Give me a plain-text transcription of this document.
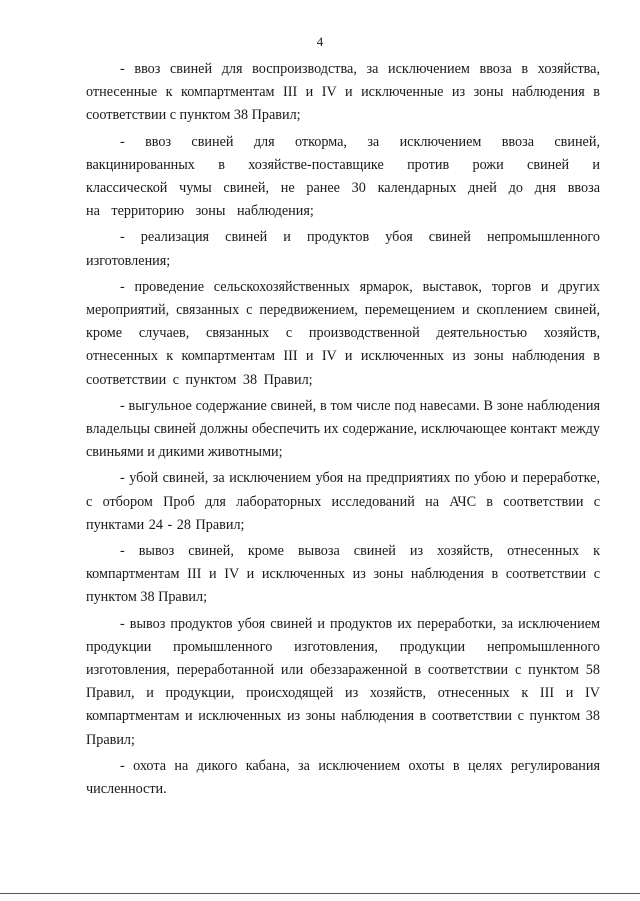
4

- ввоз свиней для воспроизводства, за исключением ввоза в хозяйства, отнесенные к компартментам III и IV и исключенные из зоны наблюдения в соответствии с пунктом 38 Правил;

- ввоз свиней для откорма, за исключением ввоза свиней, вакцинированных в хозяйстве-поставщике против рожи свиней и классической чумы свиней, не ранее 30 календарных дней до дня ввоза на территорию зоны наблюдения;

- реализация свиней и продуктов убоя свиней непромышленного изготовления;

- проведение сельскохозяйственных ярмарок, выставок, торгов и других мероприятий, связанных с передвижением, перемещением и скоплением свиней, кроме случаев, связанных с производственной деятельностью хозяйств, отнесенных к компартментам III и IV и исключенных из зоны наблюдения в соответствии с пунктом 38 Правил;

- выгульное содержание свиней, в том числе под навесами. В зоне наблюдения владельцы свиней должны обеспечить их содержание, исключающее контакт между свиньями и дикими животными;

- убой свиней, за исключением убоя на предприятиях по убою и переработке, с отбором Проб для лабораторных исследований на АЧС в соответствии с пунктами 24 - 28 Правил;

- вывоз свиней, кроме вывоза свиней из хозяйств, отнесенных к компартментам III и IV и исключенных из зоны наблюдения в соответствии с пунктом 38 Правил;

- вывоз продуктов убоя свиней и продуктов их переработки, за исключением продукции промышленного изготовления, продукции непромышленного изготовления, переработанной или обеззараженной в соответствии с пунктом 58 Правил, и продукции, происходящей из хозяйств, отнесенных к III и IV компартментам и исключенных из зоны наблюдения в соответствии с пунктом 38 Правил;

- охота на дикого кабана, за исключением охоты в целях регулирования численности.
